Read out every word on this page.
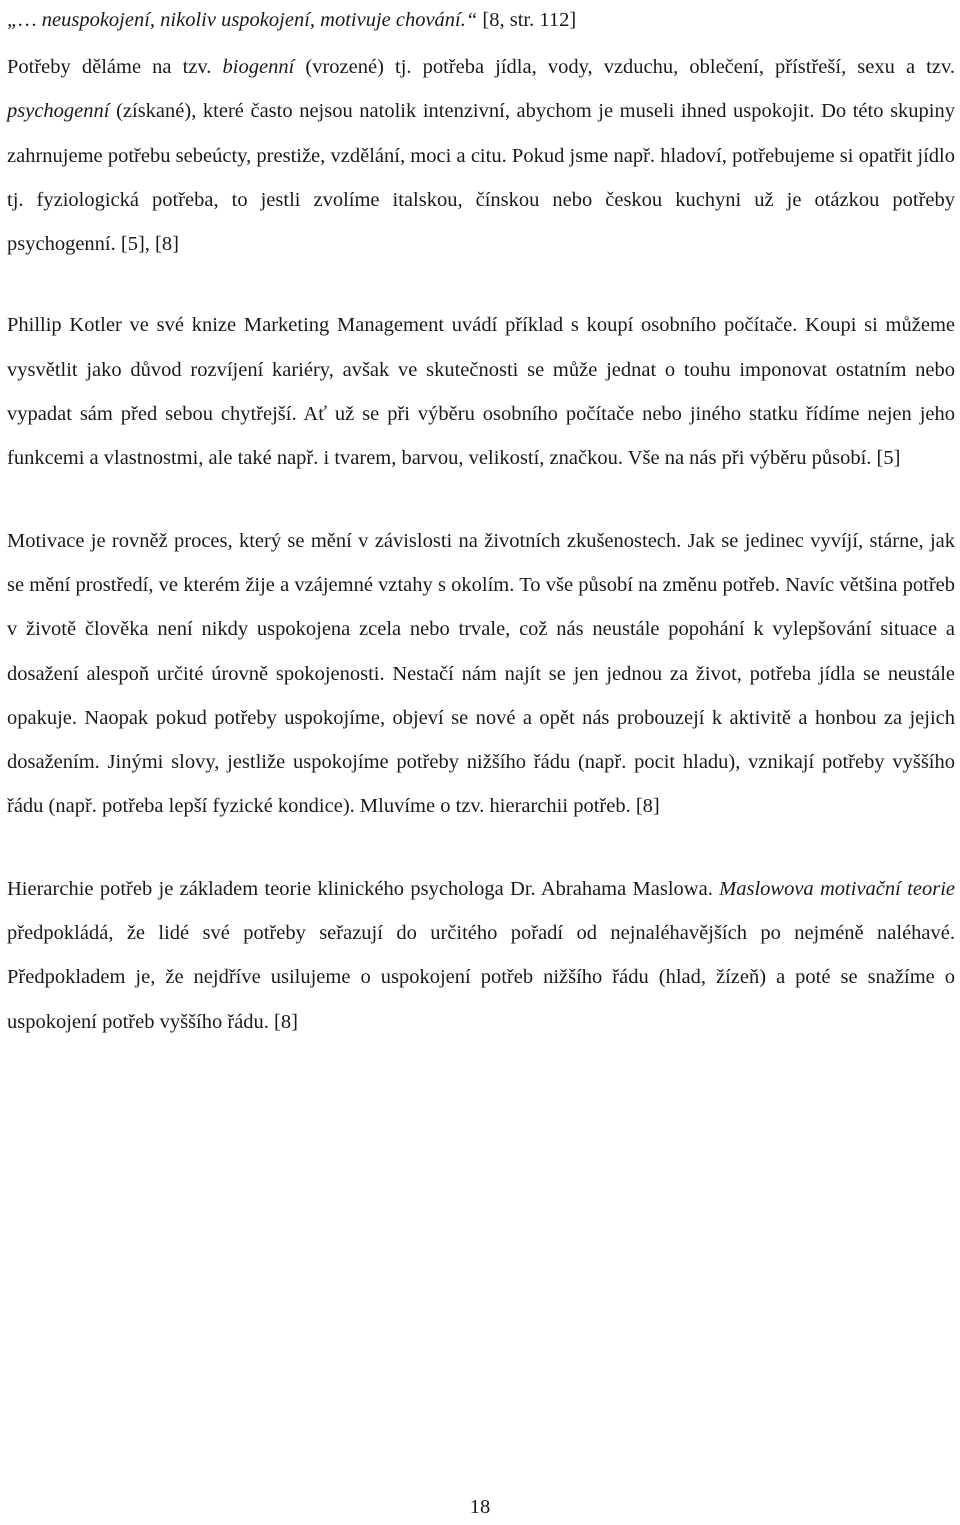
„… neuspokojení, nikoliv uspokojení, motivuje chování.“ [8, str. 112]

Potřeby děláme na tzv. biogenní (vrozené) tj. potřeba jídla, vody, vzduchu, oblečení, přístřeší, sexu a tzv. psychogenní (získané), které často nejsou natolik intenzivní, abychom je museli ihned uspokojit. Do této skupiny zahrnujeme potřebu sebeúcty, prestiže, vzdělání, moci a citu. Pokud jsme např. hladoví, potřebujeme si opatřit jídlo tj. fyziologická potřeba, to jestli zvolíme italskou, čínskou nebo českou kuchyni už je otázkou potřeby psychogenní. [5], [8]

Phillip Kotler ve své knize Marketing Management uvádí příklad s koupí osobního počítače. Koupi si můžeme vysvětlit jako důvod rozvíjení kariéry, avšak ve skutečnosti se může jednat o touhu imponovat ostatním nebo vypadat sám před sebou chytřejší. Ať už se při výběru osobního počítače nebo jiného statku řídíme nejen jeho funkcemi a vlastnostmi, ale také např. i tvarem, barvou, velikostí, značkou. Vše na nás při výběru působí. [5]

Motivace je rovněž proces, který se mění v závislosti na životních zkušenostech. Jak se jedinec vyvíjí, stárne, jak se mění prostředí, ve kterém žije a vzájemné vztahy s okolím. To vše působí na změnu potřeb. Navíc většina potřeb v životě člověka není nikdy uspokojena zcela nebo trvale, což nás neustále popohání k vylepšování situace a dosažení alespoň určité úrovně spokojenosti. Nestačí nám najít se jen jednou za život, potřeba jídla se neustále opakuje. Naopak pokud potřeby uspokojíme, objeví se nové a opět nás probouzejí k aktivitě a honbou za jejich dosažením. Jinými slovy, jestliže uspokojíme potřeby nižšího řádu (např. pocit hladu), vznikají potřeby vyššího řádu (např. potřeba lepší fyzické kondice). Mluvíme o tzv. hierarchii potřeb. [8]

Hierarchie potřeb je základem teorie klinického psychologa Dr. Abrahama Maslowa. Maslowova motivační teorie předpokládá, že lidé své potřeby seřazují do určitého pořadí od nejnaléhavějších po nejméně naléhavé. Předpokladem je, že nejdříve usilujeme o uspokojení potřeb nižšího řádu (hlad, žízeň) a poté se snažíme o uspokojení potřeb vyššího řádu. [8]

18
